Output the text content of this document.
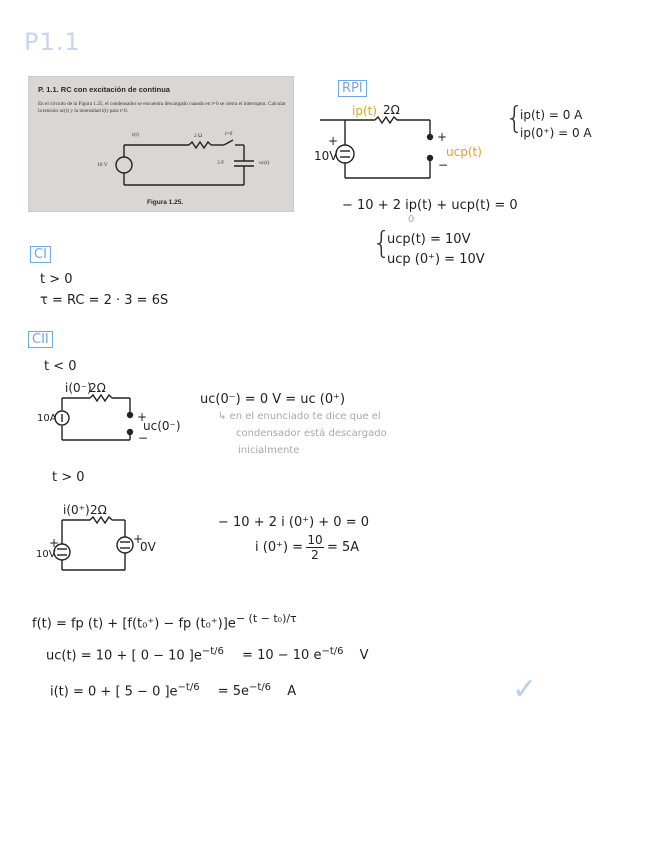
P1.1
P. 1.1. RC con excitación de continua
En el circuito de la Figura 1.25, el condensador se encuentra descargado cuando en t=0 se cierra el interruptor. Calcular la tensión uc(t) y la intensidad i(t) para t>0.
10 V
i(t)	2 Ω	t=0
3 F	uc(t)
Figura 1.25.
RPI
ip(t) 2Ω
+
10V
+
ucp(t)
−
{
ip(t) = 0 A
ip(0⁺) = 0 A
− 10 + 2 ip(t) + ucp(t) = 0
0
{
ucp(t) = 10V
ucp (0⁺) = 10V
CI
t > 0
τ = RC = 2 · 3 = 6S
CII
t < 0
i(0⁻)
2Ω
10A	+
uc(0⁻)
−
uc(0⁻) = 0 V = uc (0⁺)
↳ en el enunciado te dice que el
condensador está descargado
inicialmente
t > 0
i(0⁺) 2Ω
+
10V
+
0V
− 10 + 2 i (0⁺) + 0 = 0
i $(0^+) = \frac{10}{2} = 5A$
f(t) = fp (t) + [f(t₀⁺) − fp $(t_0^+)]e^{- (t - t_0)/\tau}$
uc(t) = 10 + [ 0 − 10 ]$e^{-t/6} = 10 - 10$ $e^{-t/6}$ V
i(t) = 0 + [ 5 − 0 ]$e^{-t/6} = 5e^{-t/6}$ A	✓
